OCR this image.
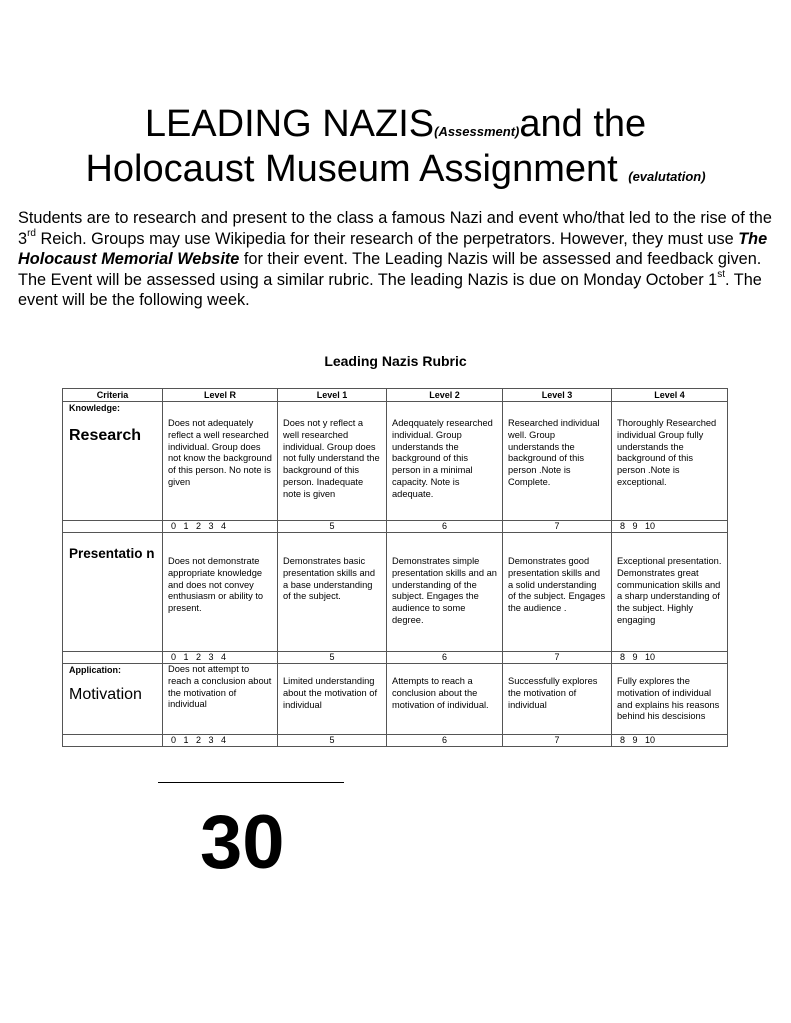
LEADING NAZIS(Assessment)and the
Holocaust Museum Assignment (evalutation)
Students are to research and present to the class a famous Nazi and event who/that led to the rise of the 3rd Reich. Groups may use Wikipedia for their research of the perpetrators. However, they must use The Holocaust Memorial Website for their event. The Leading Nazis will be assessed and feedback given. The Event will be assessed using a similar rubric. The leading Nazis is due on Monday October 1st. The event will be the following week.
Leading Nazis Rubric
Criteria	Level R	Level 1	Level 2	Level 3	Level 4

Knowledge:
Research	Does not adequately reflect a well researched individual. Group does not know the background of this person. No note is given	Does not y reflect a well researched individual. Group does not fully understand the background of this person. Inadequate note is given	Adeqquately researched individual. Group understands the background of this person in a minimal capacity. Note is adequate.	Researched individual well. Group understands the background of this person .Note is Complete.	Thoroughly Researched individual Group fully understands the background of this person .Note is exceptional.
	0   1   2   3   4	5	6	7	8   9   10

Presentatio n	Does not demonstrate appropriate knowledge and does not convey enthusiasm or ability to present.	Demonstrates basic presentation skills and a base understanding of the subject.	Demonstrates simple presentation skills and an understanding of the subject. Engages the audience to some degree.	Demonstrates good presentation skills and a solid understanding of the subject. Engages the audience .	Exceptional presentation. Demonstrates great communication skills and a sharp understanding of the subject. Highly engaging
	0   1   2   3   4	5	6	7	8   9   10

Application:
Motivation	Does not attempt to reach a conclusion about the motivation of individual	Limited understanding about the motivation of individual	Attempts to reach a conclusion about the motivation of individual.	Successfully explores the motivation of individual	Fully explores the motivation of individual and explains his reasons behind his descisions
	0   1   2   3   4	5	6	7	8   9   10
30
